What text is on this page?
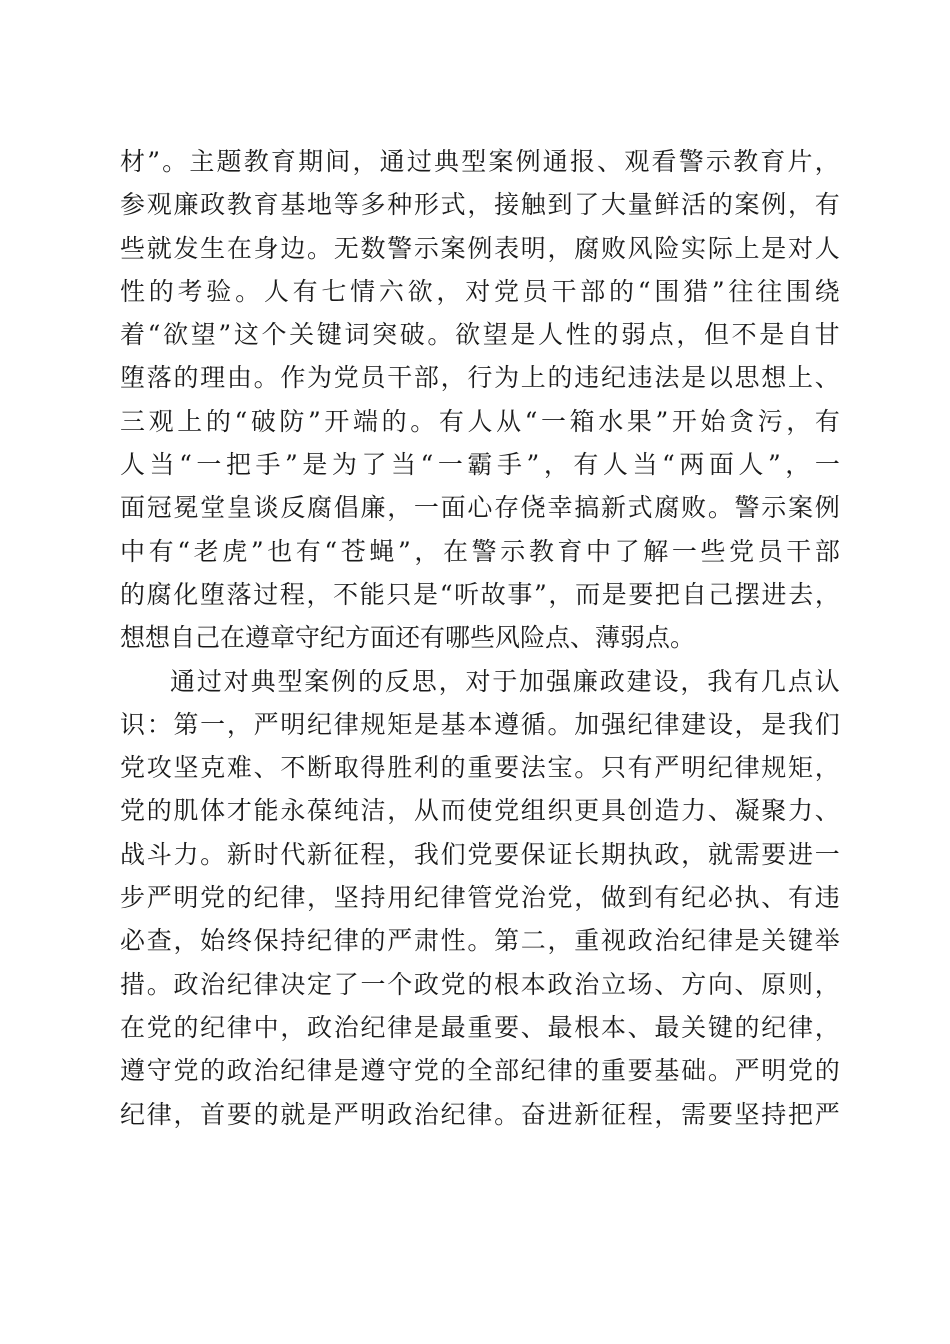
材 ” 。 主 题 教 育 期 间 ， 通 过 典 型 案 例 通 报 、 观 看 警 示 教 育 片 ，
参 观 廉 政 教 育 基 地 等 多 种 形 式 ， 接 触 到 了 大 量 鲜 活 的 案 例 ， 有
些 就 发 生 在 身 边 。 无 数 警 示 案 例 表 明 ， 腐 败 风 险 实 际 上 是 对 人
性 的 考 验 。 人 有 七 情 六 欲 ， 对 党 员 干 部 的 “ 围 猎 ” 往 往 围 绕
着 “ 欲 望 ” 这 个 关 键 词 突 破 。 欲 望 是 人 性 的 弱 点 ， 但 不 是 自 甘
堕 落 的 理 由 。 作 为 党 员 干 部 ， 行 为 上 的 违 纪 违 法 是 以 思 想 上 、
三 观 上 的 “ 破 防 ” 开 端 的 。 有 人 从 “ 一 箱 水 果 ” 开 始 贪 污 ， 有
人 当 “ 一 把 手 ” 是 为 了 当 “ 一 霸 手 ” ， 有 人 当 “ 两 面 人 ” ， 一
面 冠 冕 堂 皇 谈 反 腐 倡 廉 ， 一 面 心 存 侥 幸 搞 新 式 腐 败 。 警 示 案 例
中 有 “ 老 虎 ” 也 有 “ 苍 蝇 ” ， 在 警 示 教 育 中 了 解 一 些 党 员 干 部
的 腐 化 堕 落 过 程 ， 不 能 只 是 “ 听 故 事 ” ， 而 是 要 把 自 己 摆 进 去 ，
想想自己在遵章守纪方面还有哪些风险点、薄弱点。
通 过 对 典 型 案 例 的 反 思 ， 对 于 加 强 廉 政 建 设 ， 我 有 几 点 认
识 ： 第 一 ， 严 明 纪 律 规 矩 是 基 本 遵 循 。 加 强 纪 律 建 设 ， 是 我 们
党 攻 坚 克 难 、 不 断 取 得 胜 利 的 重 要 法 宝 。 只 有 严 明 纪 律 规 矩 ，
党 的 肌 体 才 能 永 葆 纯 洁 ， 从 而 使 党 组 织 更 具 创 造 力 、 凝 聚 力 、
战 斗 力 。 新 时 代 新 征 程 ， 我 们 党 要 保 证 长 期 执 政 ， 就 需 要 进 一
步 严 明 党 的 纪 律 ， 坚 持 用 纪 律 管 党 治 党 ， 做 到 有 纪 必 执 、 有 违
必 查 ， 始 终 保 持 纪 律 的 严 肃 性 。 第 二 ， 重 视 政 治 纪 律 是 关 键 举
措 。 政 治 纪 律 决 定 了 一 个 政 党 的 根 本 政 治 立 场 、 方 向 、 原 则 ，
在 党 的 纪 律 中 ， 政 治 纪 律 是 最 重 要 、 最 根 本 、 最 关 键 的 纪 律 ，
遵 守 党 的 政 治 纪 律 是 遵 守 党 的 全 部 纪 律 的 重 要 基 础 。 严 明 党 的
纪 律 ， 首 要 的 就 是 严 明 政 治 纪 律 。 奋 进 新 征 程 ， 需 要 坚 持 把 严
